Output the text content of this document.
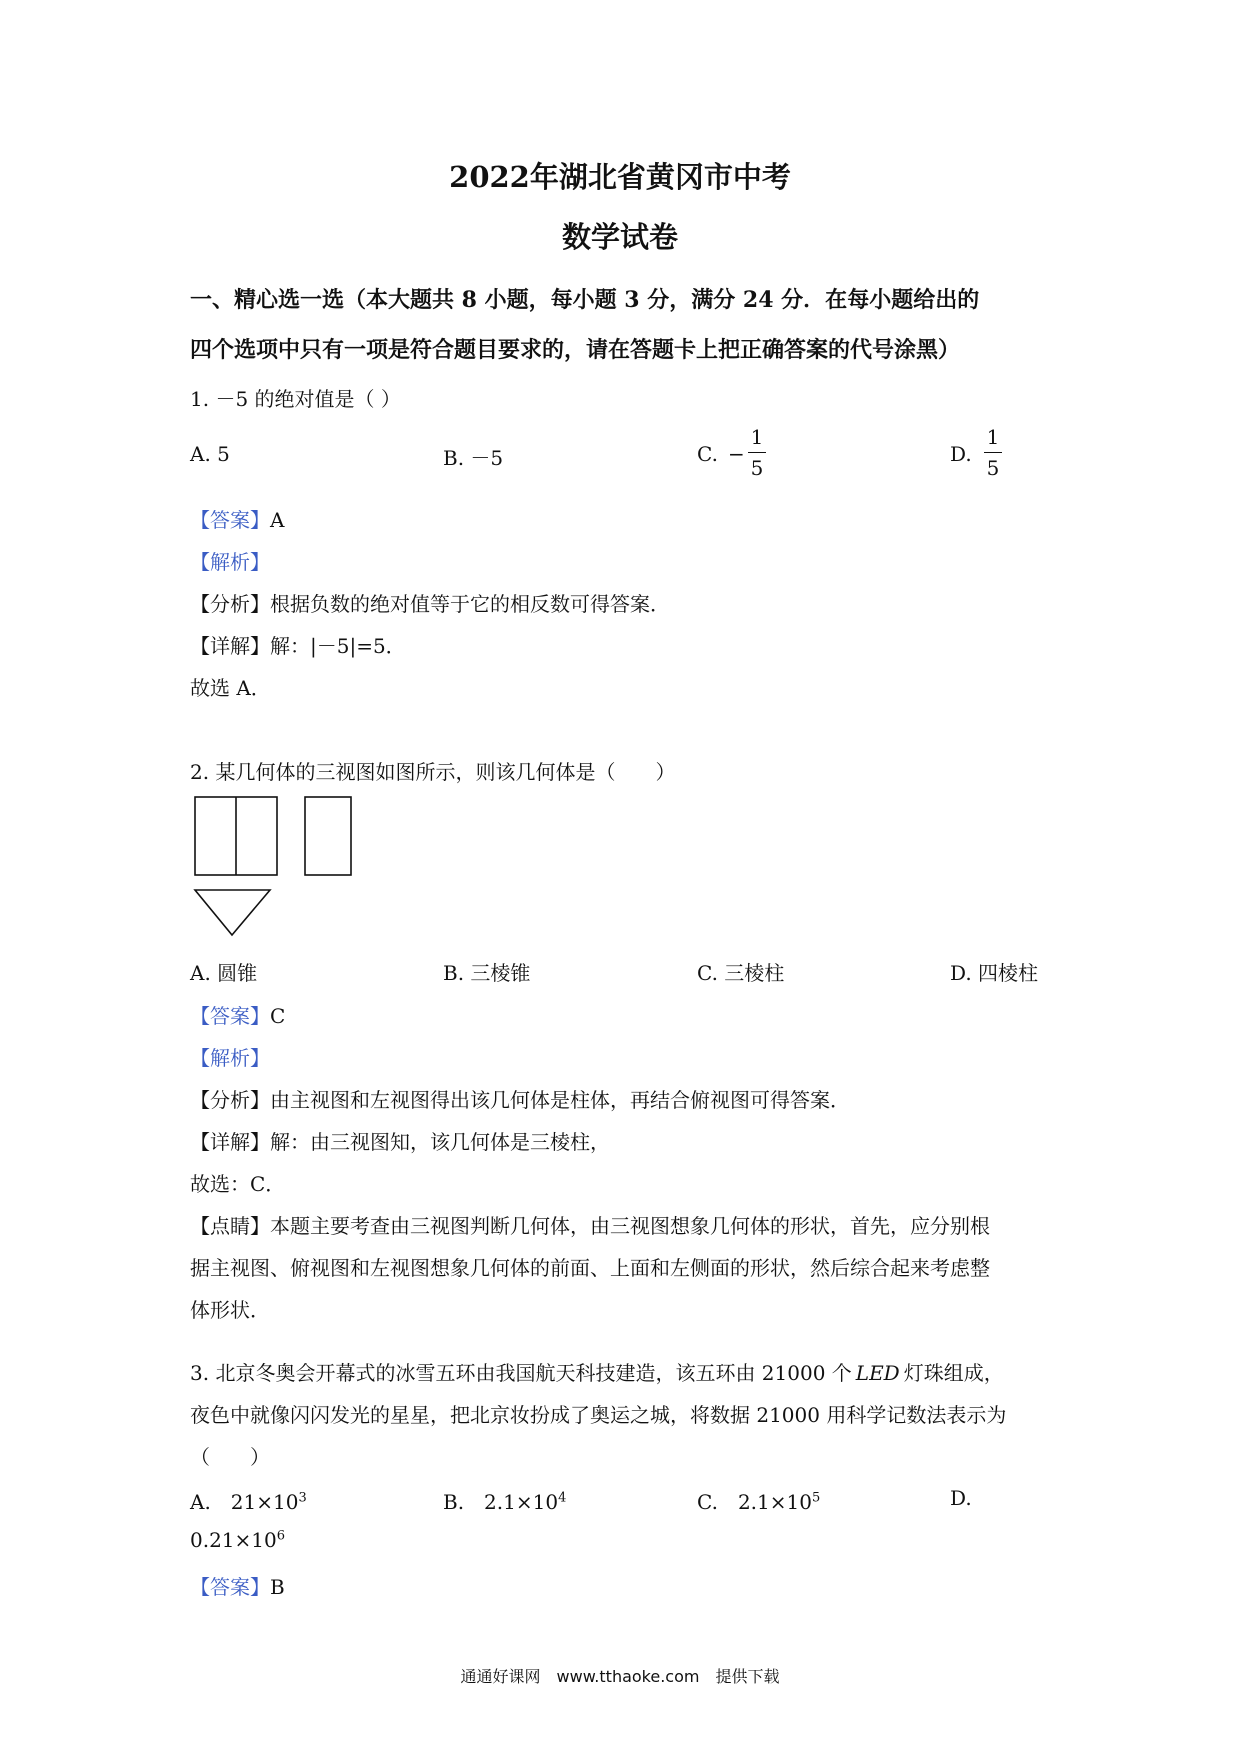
2022年湖北省黄冈市中考
数学试卷
一、精心选一选（本大题共 8 小题，每小题 3 分，满分 24 分．在每小题给出的
四个选项中只有一项是符合题目要求的，请在答题卡上把正确答案的代号涂黑）
1. －5 的绝对值是（ ）
A. 5	B. －5	C. −
1
5
D.
1
5
【答案】A
【解析】
【分析】根据负数的绝对值等于它的相反数可得答案．
【详解】解：|－5|=5．
故选 A．
2. 某几何体的三视图如图所示，则该几何体是（　　）
A. 圆锥	B. 三棱锥	C. 三棱柱	D. 四棱柱
【答案】C
【解析】
【分析】由主视图和左视图得出该几何体是柱体，再结合俯视图可得答案．
【详解】解：由三视图知，该几何体是三棱柱，
故选：C．
【点睛】本题主要考查由三视图判断几何体，由三视图想象几何体的形状，首先，应分别根
据主视图、俯视图和左视图想象几何体的前面、上面和左侧面的形状，然后综合起来考虑整
体形状．
3. 北京冬奥会开幕式的冰雪五环由我国航天科技建造，该五环由 21000 个 LED 灯珠组成，
夜色中就像闪闪发光的星星，把北京妆扮成了奥运之城，将数据 21000 用科学记数法表示为
（　　）
A.　$21\times 10^3$	B.　$2.1\times 10^4$	C.　$2.1\times 10^5$	D.
$0.21\times 10^6$
【答案】B
通通好课网　www.tthaoke.com　提供下载
